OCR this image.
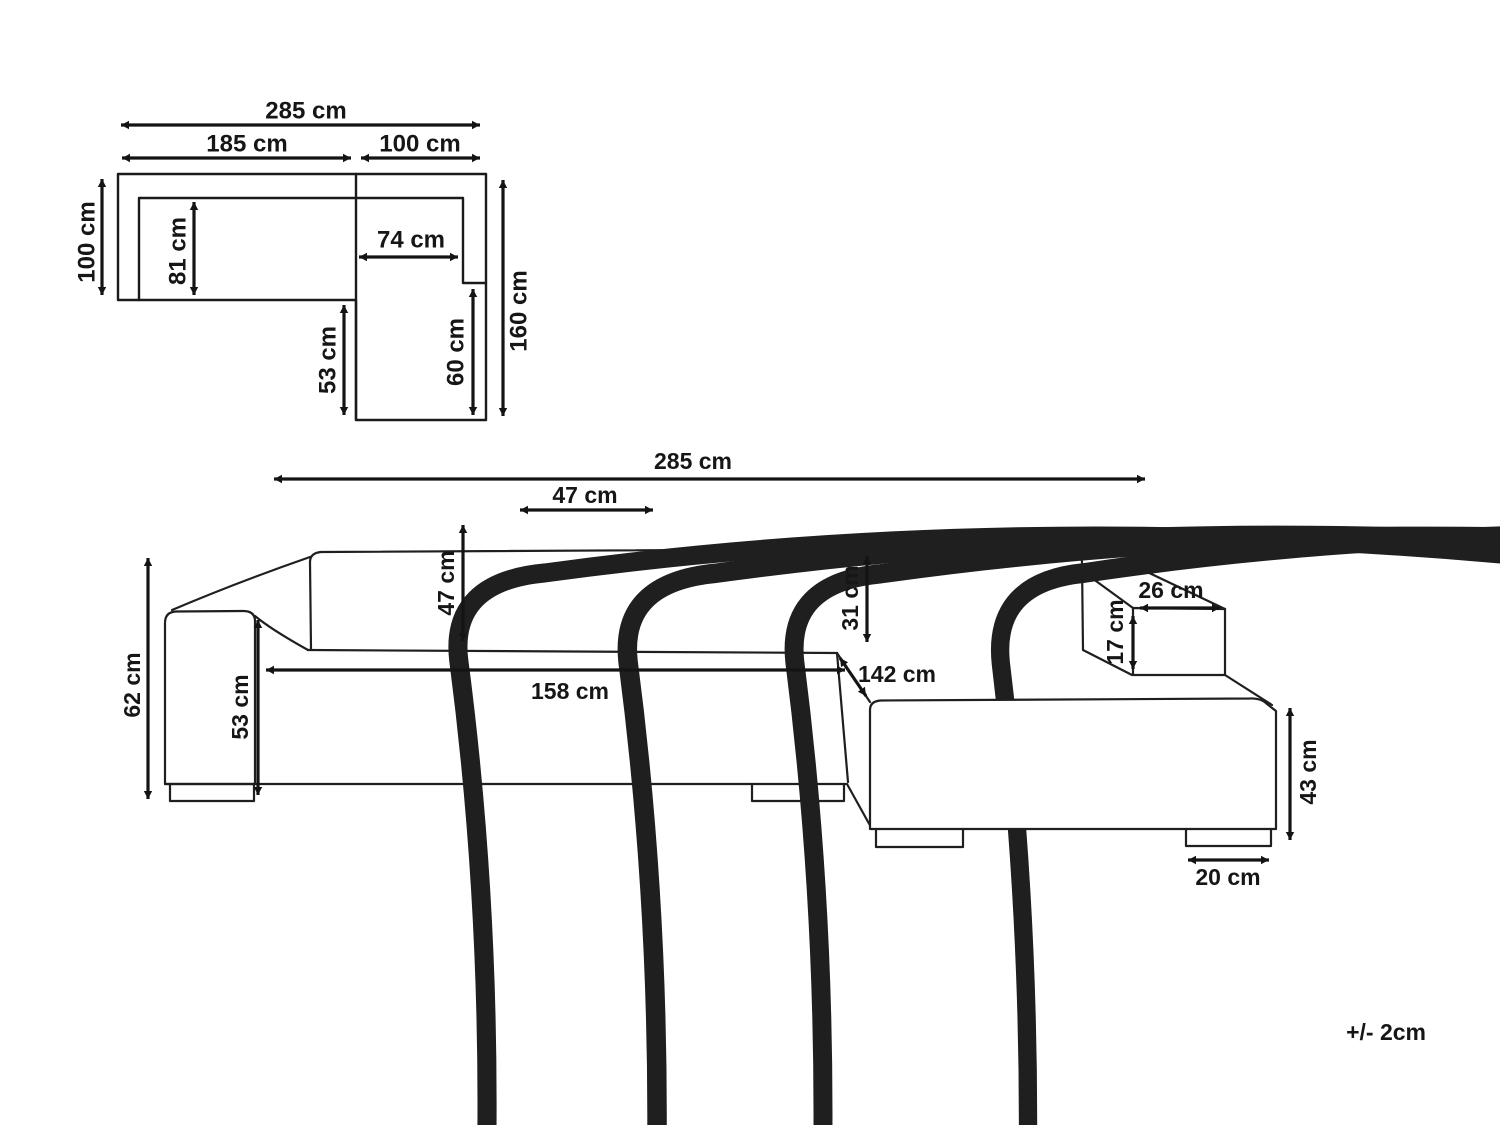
285 cm
185 cm	100 cm
100 cm	81 cm	74 cm
53 cm	60 cm
160 cm
285 cm
47 cm
47 cm
62 cm	53 cm	158 cm
142 cm
31 cm
17 cm
26 cm
43 cm
20 cm
+/- 2cm
